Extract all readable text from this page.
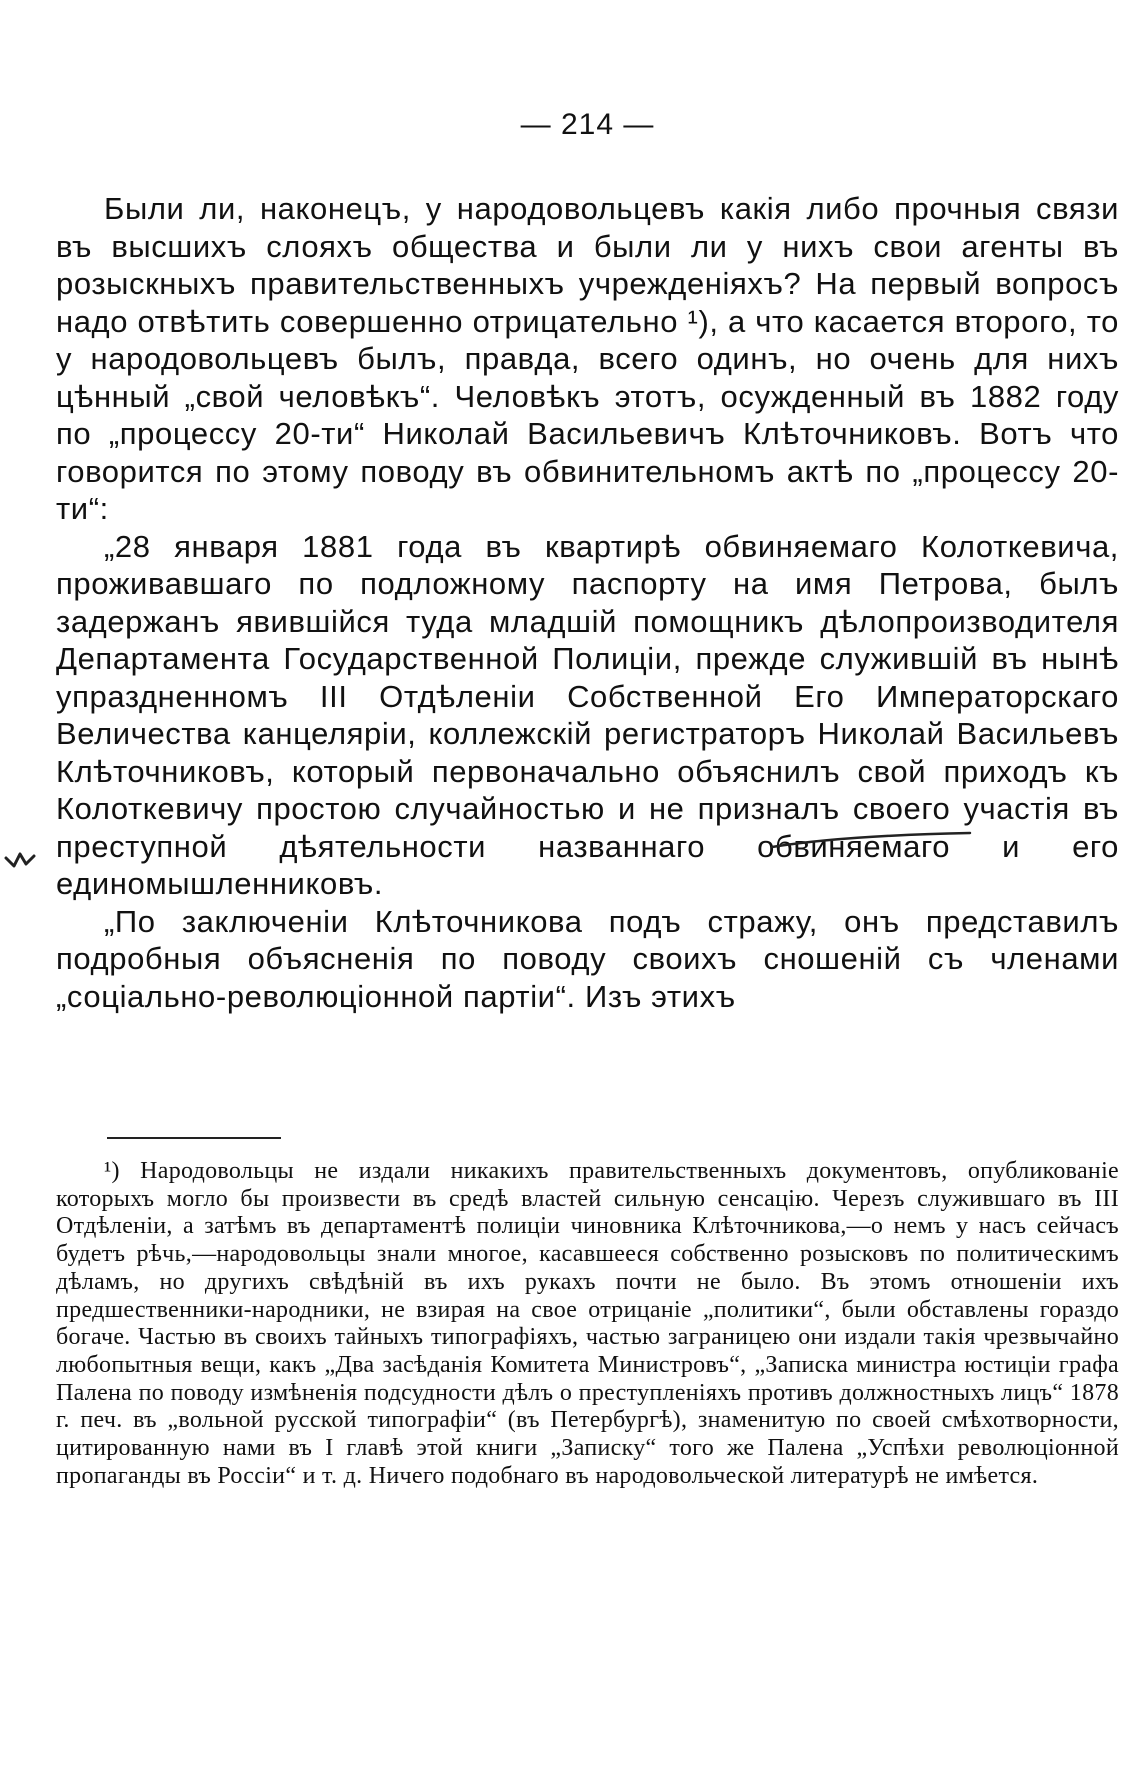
— 214 —

Были ли, наконецъ, у народовольцевъ какія либо прочныя связи въ высшихъ слояхъ общества и были ли у нихъ свои агенты въ розыскныхъ правительственныхъ учрежденіяхъ? На первый вопросъ надо отвѣтить совершенно отрицательно ¹), а что касается второго, то у народовольцевъ былъ, правда, всего одинъ, но очень для нихъ цѣнный „свой человѣкъ“. Человѣкъ этотъ, осужденный въ 1882 году по „процессу 20-ти“ Николай Васильевичъ Клѣточниковъ. Вотъ что говорится по этому поводу въ обвинительномъ актѣ по „процессу 20-ти“:

„28 января 1881 года въ квартирѣ обвиняемаго Колоткевича, проживавшаго по подложному паспорту на имя Петрова, былъ задержанъ явившійся туда младшій помощникъ дѣлопроизводителя Департамента Государственной Полиціи, прежде служившій въ нынѣ упраздненномъ III Отдѣленіи Собственной Его Императорскаго Величества канцеляріи, коллежскій регистраторъ Николай Васильевъ Клѣточниковъ, который первоначально объяснилъ свой приходъ къ Колоткевичу простою случайностью и не призналъ своего участія въ преступной дѣятельности названнаго обвиняемаго и его единомышленниковъ.

„По заключеніи Клѣточникова подъ стражу, онъ представилъ подробныя объясненія по поводу своихъ сношеній съ членами „соціально-революціонной партіи“. Изъ этихъ

¹) Народовольцы не издали никакихъ правительственныхъ документовъ, опубликованіе которыхъ могло бы произвести въ средѣ властей сильную сенсацію. Черезъ служившаго въ III Отдѣленіи, а затѣмъ въ департаментѣ полиціи чиновника Клѣточникова,—о немъ у насъ сейчасъ будетъ рѣчь,—народовольцы знали многое, касавшееся собственно розысковъ по политическимъ дѣламъ, но другихъ свѣдѣній въ ихъ рукахъ почти не было. Въ этомъ отношеніи ихъ предшественники-народники, не взирая на свое отрицаніе „политики“, были обставлены гораздо богаче. Частью въ своихъ тайныхъ типографіяхъ, частью заграницею они издали такія чрезвычайно любопытныя вещи, какъ „Два засѣданія Комитета Министровъ“, „Записка министра юстиціи графа Палена по поводу измѣненія подсудности дѣлъ о преступленіяхъ противъ должностныхъ лицъ“ 1878 г. печ. въ „вольной русской типографіи“ (въ Петербургѣ), знаменитую по своей смѣхотворности, цитированную нами въ I главѣ этой книги „Записку“ того же Палена „Успѣхи революціонной пропаганды въ Россіи“ и т. д. Ничего подобнаго въ народовольческой литературѣ не имѣется.
